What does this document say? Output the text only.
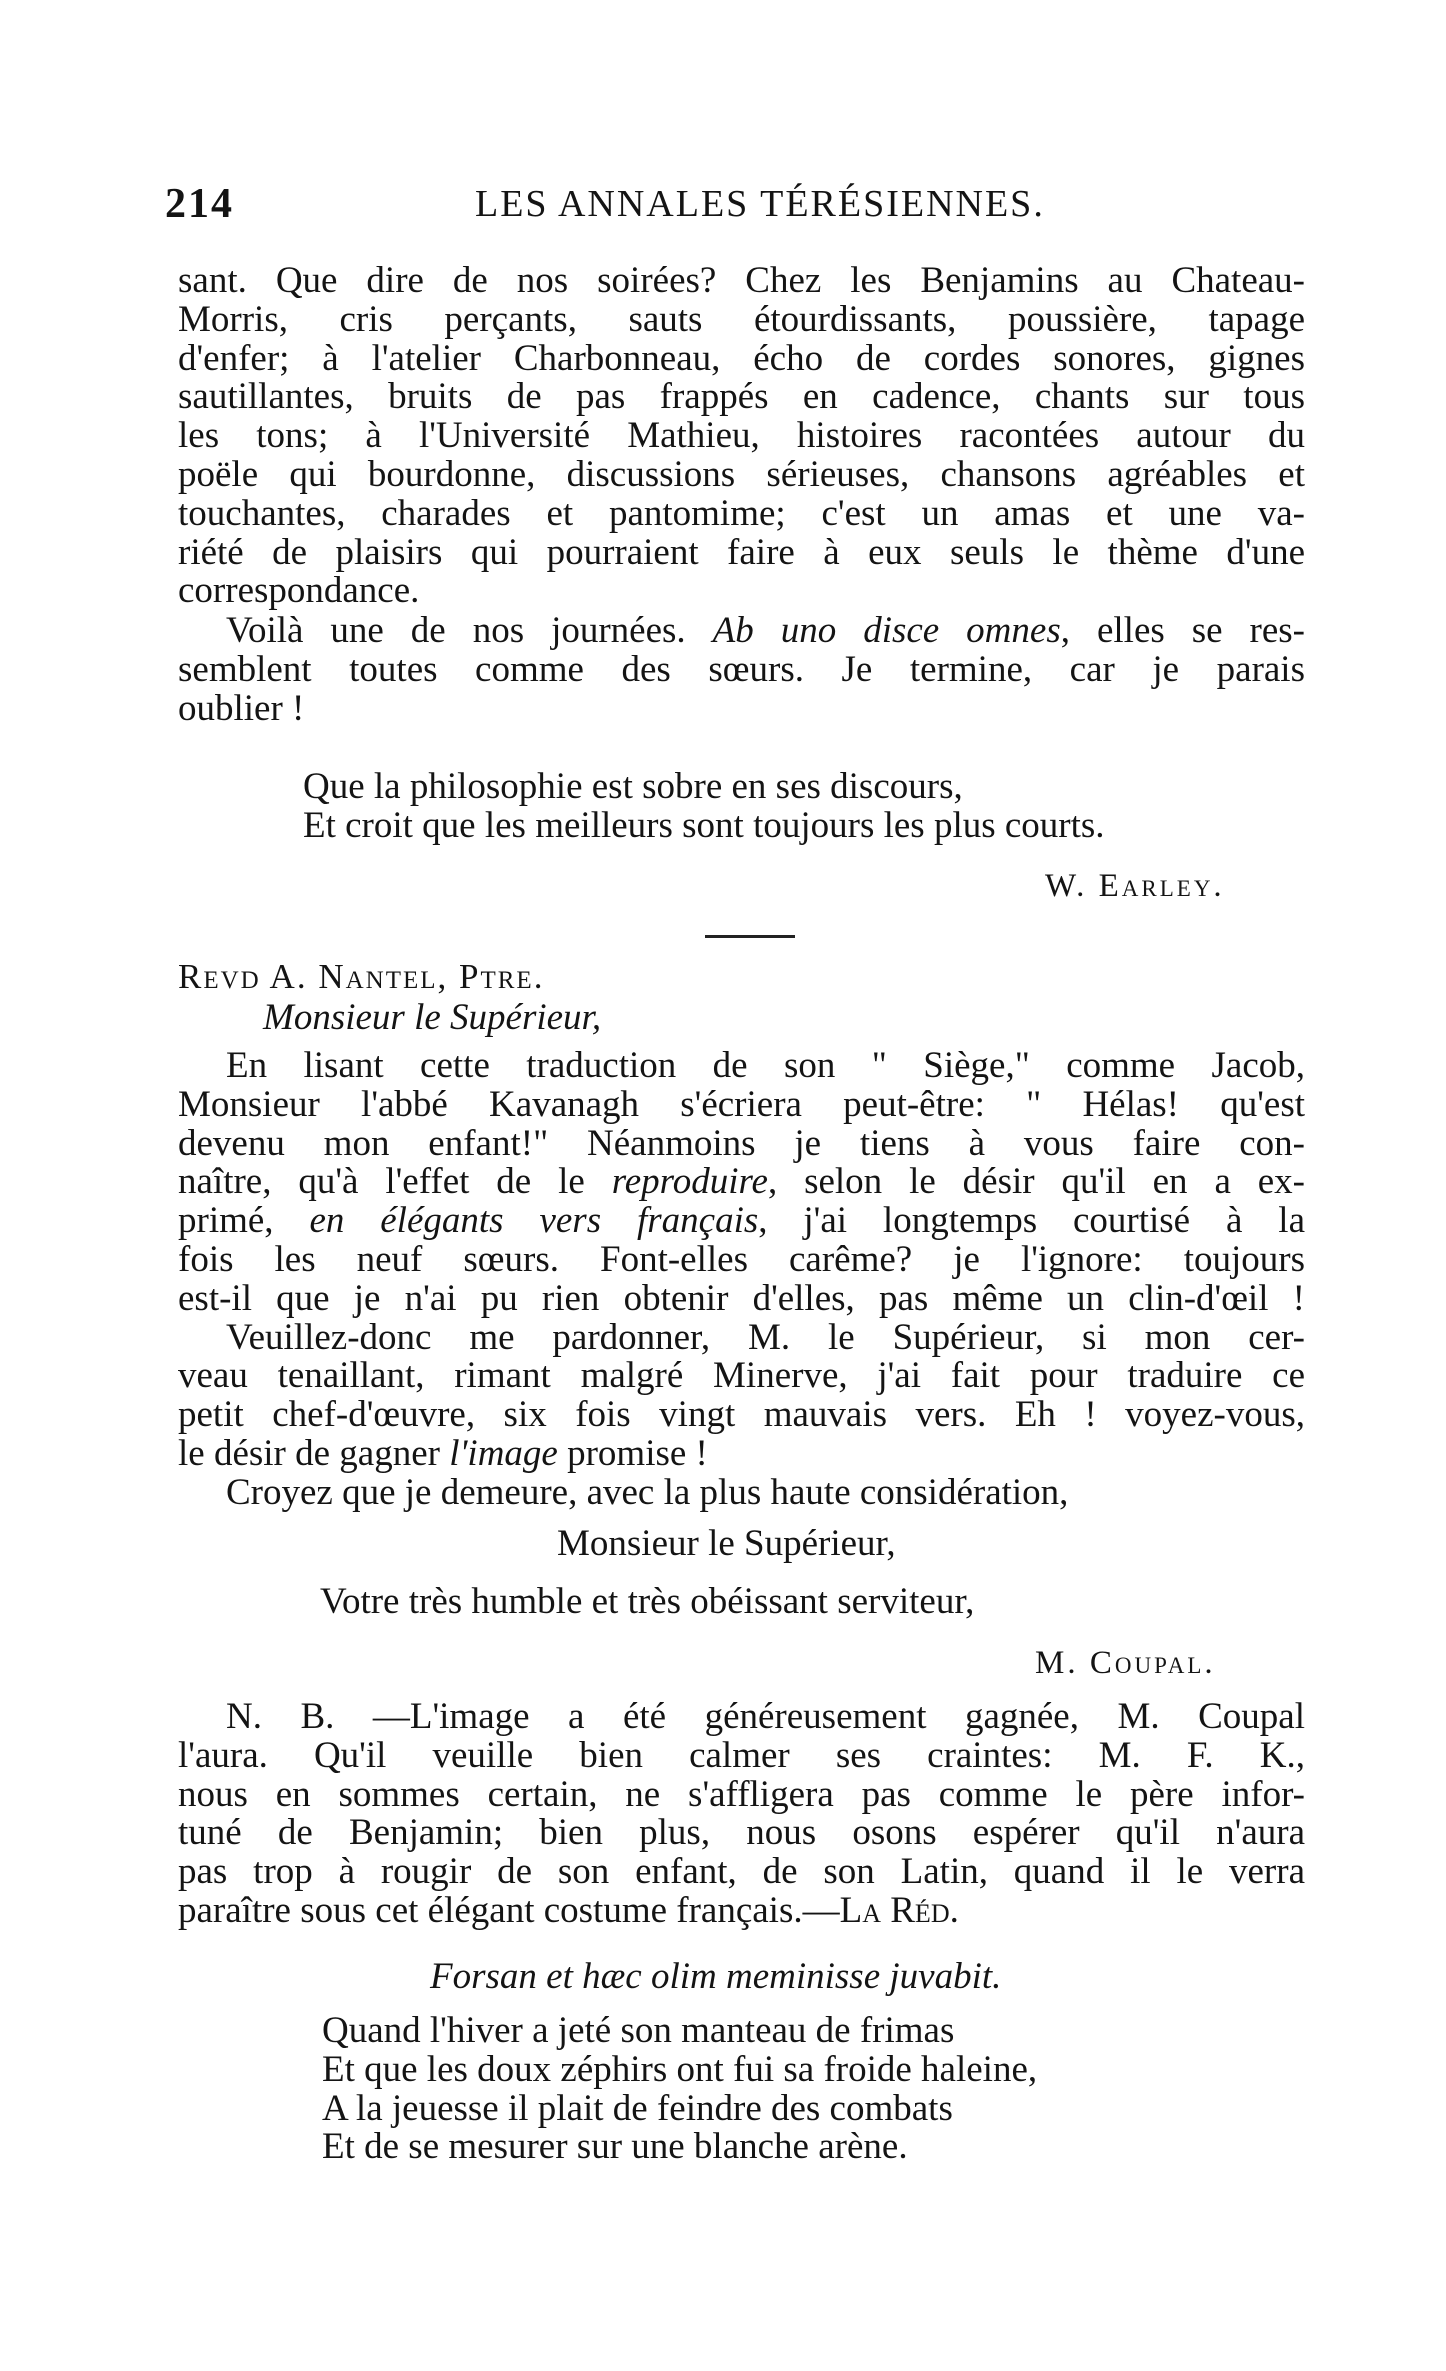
214	LES ANNALES TÉRÉSIENNES.
sant. Que dire de nos soirées? Chez les Benjamins au Chateau-
Morris, cris perçants, sauts étourdissants, poussière, tapage
d'enfer; à l'atelier Charbonneau, écho de cordes sonores, gignes
sautillantes, bruits de pas frappés en cadence, chants sur tous
les tons; à l'Université Mathieu, histoires racontées autour du
poële qui bourdonne, discussions sérieuses, chansons agréables et
touchantes, charades et pantomime; c'est un amas et une va-
riété de plaisirs qui pourraient faire à eux seuls le thème d'une
correspondance.
Voilà une de nos journées. Ab uno disce omnes, elles se res-
semblent toutes comme des sœurs. Je termine, car je parais
oublier !
Que la philosophie est sobre en ses discours,
Et croit que les meilleurs sont toujours les plus courts.
W. Earley.
Revd A. Nantel, Ptre.
Monsieur le Supérieur,
En lisant cette traduction de son " Siège," comme Jacob,
Monsieur l'abbé Kavanagh s'écriera peut-être: " Hélas! qu'est
devenu mon enfant!" Néanmoins je tiens à vous faire con-
naître, qu'à l'effet de le reproduire, selon le désir qu'il en a ex-
primé, en élégants vers français, j'ai longtemps courtisé à la
fois les neuf sœurs. Font-elles carême? je l'ignore: toujours
est-il que je n'ai pu rien obtenir d'elles, pas même un clin-d'œil !
Veuillez-donc me pardonner, M. le Supérieur, si mon cer-
veau tenaillant, rimant malgré Minerve, j'ai fait pour traduire ce
petit chef-d'œuvre, six fois vingt mauvais vers. Eh ! voyez-vous,
le désir de gagner l'image promise !
Croyez que je demeure, avec la plus haute considération,
Monsieur le Supérieur,
Votre très humble et très obéissant serviteur,
M. Coupal.
N. B. —L'image a été généreusement gagnée, M. Coupal
l'aura. Qu'il veuille bien calmer ses craintes: M. F. K.,
nous en sommes certain, ne s'affligera pas comme le père infor-
tuné de Benjamin; bien plus, nous osons espérer qu'il n'aura
pas trop à rougir de son enfant, de son Latin, quand il le verra
paraître sous cet élégant costume français.—La Réd.
Forsan et hæc olim meminisse juvabit.
Quand l'hiver a jeté son manteau de frimas
Et que les doux zéphirs ont fui sa froide haleine,
A la jeuesse il plait de feindre des combats
Et de se mesurer sur une blanche arène.
